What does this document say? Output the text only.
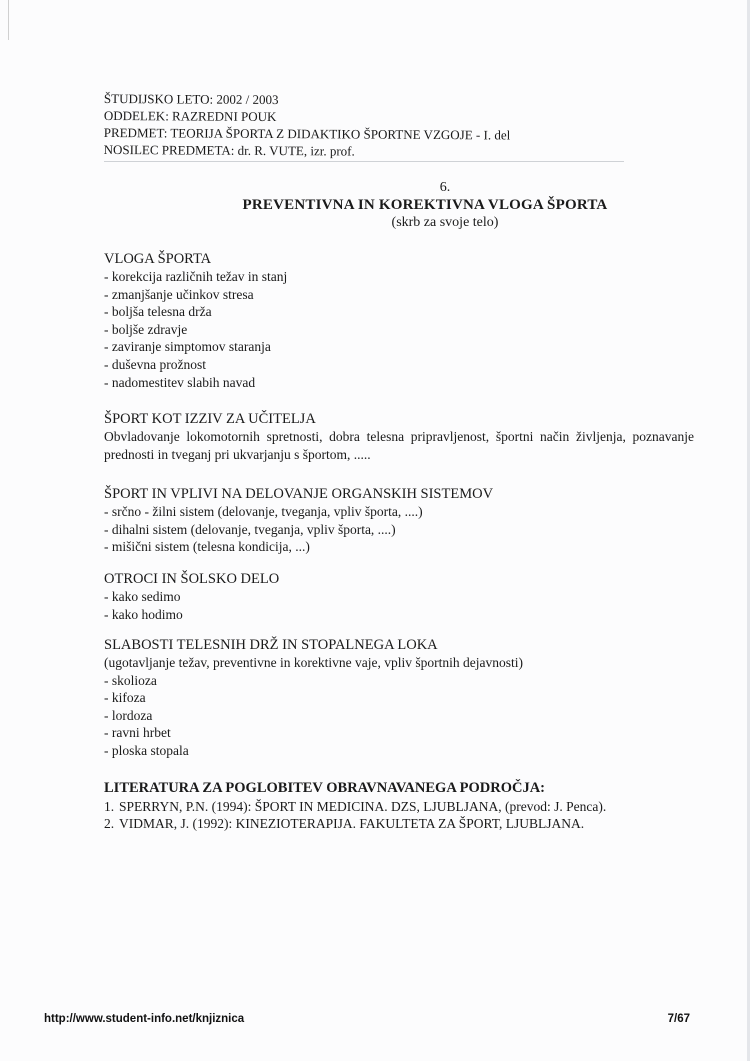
ŠTUDIJSKO LETO: 2002 / 2003
ODDELEK: RAZREDNI POUK
PREDMET: TEORIJA ŠPORTA Z DIDAKTIKO ŠPORTNE VZGOJE - I. del
NOSILEC PREDMETA: dr. R. VUTE, izr. prof.
6.
PREVENTIVNA IN KOREKTIVNA VLOGA ŠPORTA
(skrb za svoje telo)
VLOGA ŠPORTA
- korekcija različnih težav in stanj
- zmanjšanje učinkov stresa
- boljša telesna drža
- boljše zdravje
- zaviranje simptomov staranja
- duševna prožnost
- nadomestitev slabih navad
ŠPORT KOT IZZIV ZA UČITELJA
Obvladovanje lokomotornih spretnosti, dobra telesna pripravljenost, športni način življenja, poznavanje prednosti in tveganj pri ukvarjanju s športom, .....
ŠPORT IN VPLIVI NA DELOVANJE ORGANSKIH SISTEMOV
- srčno - žilni sistem (delovanje, tveganja, vpliv športa, ....)
- dihalni sistem (delovanje, tveganja, vpliv športa, ....)
- mišični sistem (telesna kondicija, ...)
OTROCI IN ŠOLSKO DELO
- kako sedimo
- kako hodimo
SLABOSTI TELESNIH DRŽ IN STOPALNEGA LOKA
(ugotavljanje težav, preventivne in korektivne vaje, vpliv športnih dejavnosti)
- skolioza
- kifoza
- lordoza
- ravni hrbet
- ploska stopala
LITERATURA ZA POGLOBITEV OBRAVNAVANEGA PODROČJA:
1. SPERRYN, P.N. (1994): ŠPORT IN MEDICINA. DZS, LJUBLJANA, (prevod: J. Penca).
2. VIDMAR, J. (1992): KINEZIOTERAPIJA. FAKULTETA ZA ŠPORT, LJUBLJANA.
http://www.student-info.net/knjiznica	7/67
